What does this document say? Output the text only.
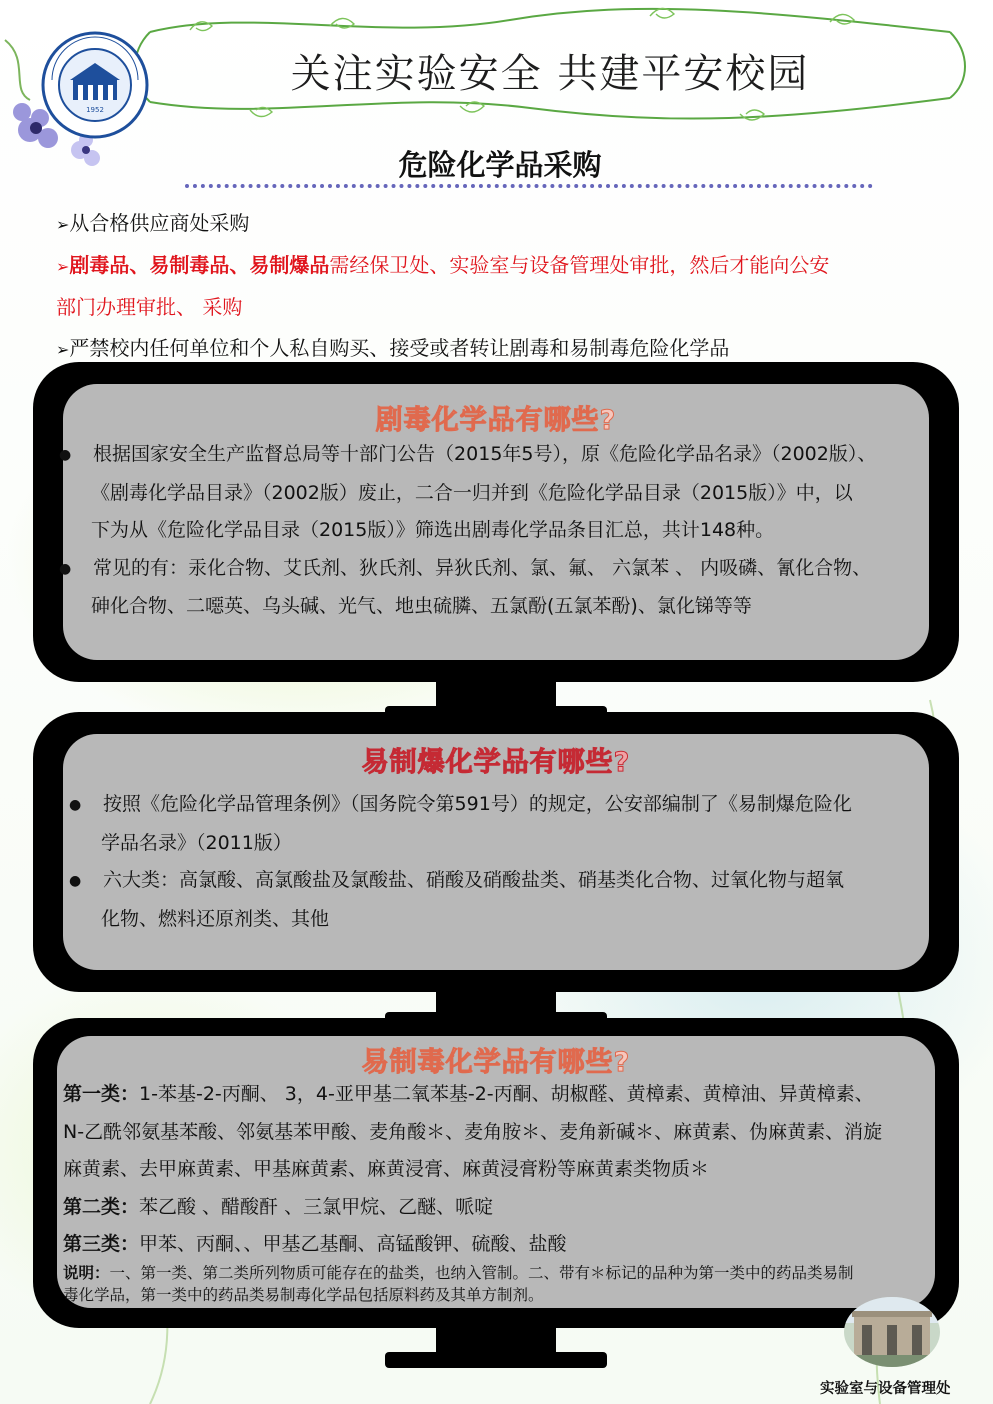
1952
关注实验安全 共建平安校园
危险化学品采购

➢从合格供应商处采购

➢剧毒品、易制毒品、易制爆品需经保卫处、实验室与设备管理处审批，然后才能向公安
部门办理审批、 采购

➢严禁校内任何单位和个人私自购买、接受或者转让剧毒和易制毒危险化学品

剧毒化学品有哪些?

● 根据国家安全生产监督总局等十部门公告（2015年5号），原《危险化学品名录》（2002版）、
《剧毒化学品目录》（2002版）废止，二合一归并到《危险化学品目录（2015版）》中，以
下为从《危险化学品目录（2015版）》筛选出剧毒化学品条目汇总，共计148种。

● 常见的有：汞化合物、艾氏剂、狄氏剂、异狄氏剂、氯、氟、 六氯苯 、 内吸磷、氰化合物、
砷化合物、二噁英、乌头碱、光气、地虫硫膦、五氯酚(五氯苯酚)、氯化锑等等

易制爆化学品有哪些?

● 按照《危险化学品管理条例》（国务院令第591号）的规定，公安部编制了《易制爆危险化
学品名录》（2011版）

● 六大类：高氯酸、高氯酸盐及氯酸盐、硝酸及硝酸盐类、硝基类化合物、过氧化物与超氧
化物、燃料还原剂类、其他

易制毒化学品有哪些?

第一类：1-苯基-2-丙酮、 3，4-亚甲基二氧苯基-2-丙酮、胡椒醛、黄樟素、黄樟油、异黄樟素、
N-乙酰邻氨基苯酸、邻氨基苯甲酸、麦角酸＊、麦角胺＊、麦角新碱＊、麻黄素、伪麻黄素、消旋
麻黄素、去甲麻黄素、甲基麻黄素、麻黄浸膏、麻黄浸膏粉等麻黄素类物质＊

第二类：苯乙酸 、醋酸酐 、三氯甲烷、乙醚、哌啶

第三类：甲苯、丙酮、、甲基乙基酮、高锰酸钾、硫酸、盐酸

说明：一、第一类、第二类所列物质可能存在的盐类，也纳入管制。二、带有＊标记的品种为第一类中的药品类易制
毒化学品，第一类中的药品类易制毒化学品包括原料药及其单方制剂。

实验室与设备管理处
